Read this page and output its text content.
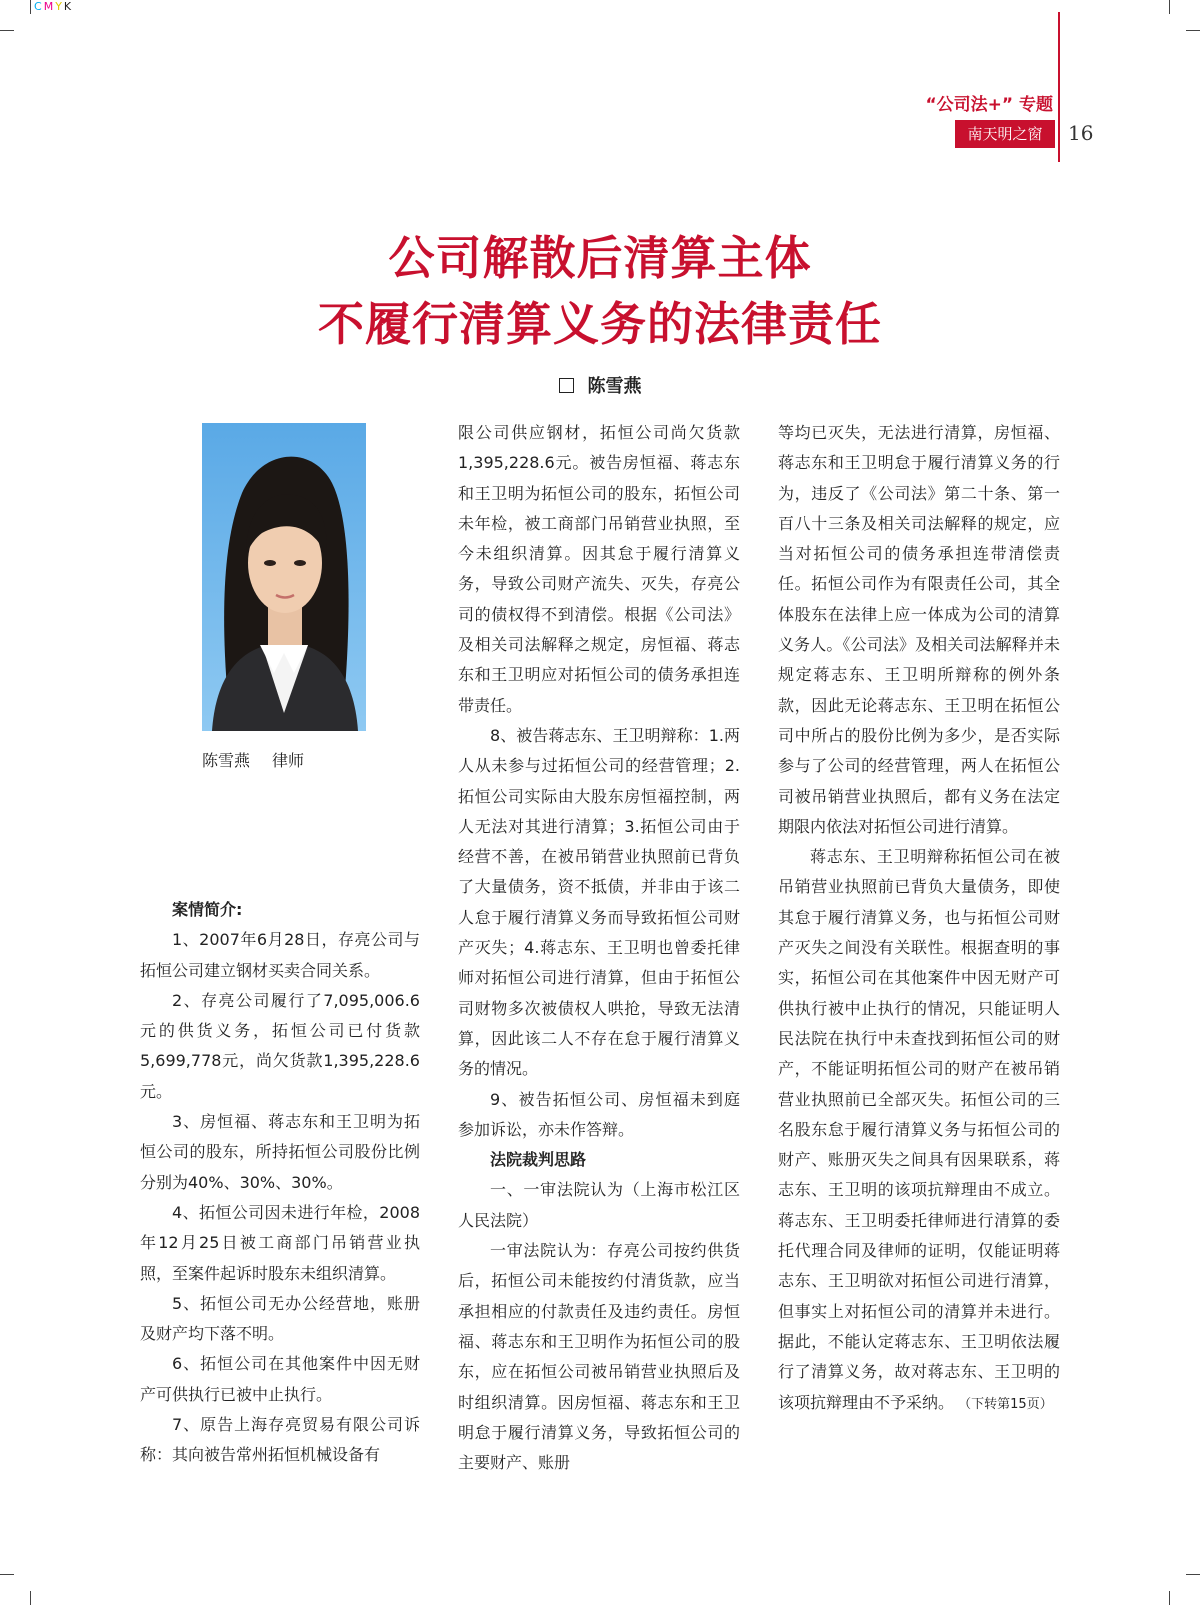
CMYK
“公司法+” 专题
南天明之窗	16
公司解散后清算主体
不履行清算义务的法律责任
陈雪燕
陈雪燕 律师

案情简介:

1、2007年6月28日，存亮公司与拓恒公司建立钢材买卖合同关系。

2、存亮公司履行了7,095,006.6元的供货义务，拓恒公司已付货款5,699,778元，尚欠货款1,395,228.6元。

3、房恒福、蒋志东和王卫明为拓恒公司的股东，所持拓恒公司股份比例分别为40%、30%、30%。

4、拓恒公司因未进行年检，2008年12月25日被工商部门吊销营业执照，至案件起诉时股东未组织清算。

5、拓恒公司无办公经营地，账册及财产均下落不明。

6、拓恒公司在其他案件中因无财产可供执行已被中止执行。

7、原告上海存亮贸易有限公司诉称：其向被告常州拓恒机械设备有

限公司供应钢材，拓恒公司尚欠货款1,395,228.6元。被告房恒福、蒋志东和王卫明为拓恒公司的股东，拓恒公司未年检，被工商部门吊销营业执照，至今未组织清算。因其怠于履行清算义务，导致公司财产流失、灭失，存亮公司的债权得不到清偿。根据《公司法》及相关司法解释之规定，房恒福、蒋志东和王卫明应对拓恒公司的债务承担连带责任。

8、被告蒋志东、王卫明辩称：1.两人从未参与过拓恒公司的经营管理；2.拓恒公司实际由大股东房恒福控制，两人无法对其进行清算；3.拓恒公司由于经营不善，在被吊销营业执照前已背负了大量债务，资不抵债，并非由于该二人怠于履行清算义务而导致拓恒公司财产灭失；4.蒋志东、王卫明也曾委托律师对拓恒公司进行清算，但由于拓恒公司财物多次被债权人哄抢，导致无法清算，因此该二人不存在怠于履行清算义务的情况。

9、被告拓恒公司、房恒福未到庭参加诉讼，亦未作答辩。

法院裁判思路

一、一审法院认为（上海市松江区人民法院）

一审法院认为：存亮公司按约供货后，拓恒公司未能按约付清货款，应当承担相应的付款责任及违约责任。房恒福、蒋志东和王卫明作为拓恒公司的股东，应在拓恒公司被吊销营业执照后及时组织清算。因房恒福、蒋志东和王卫明怠于履行清算义务，导致拓恒公司的主要财产、账册

等均已灭失，无法进行清算，房恒福、蒋志东和王卫明怠于履行清算义务的行为，违反了《公司法》第二十条、第一百八十三条及相关司法解释的规定，应当对拓恒公司的债务承担连带清偿责任。拓恒公司作为有限责任公司，其全体股东在法律上应一体成为公司的清算义务人。《公司法》及相关司法解释并未规定蒋志东、王卫明所辩称的例外条款，因此无论蒋志东、王卫明在拓恒公司中所占的股份比例为多少，是否实际参与了公司的经营管理，两人在拓恒公司被吊销营业执照后，都有义务在法定期限内依法对拓恒公司进行清算。

蒋志东、王卫明辩称拓恒公司在被吊销营业执照前已背负大量债务，即使其怠于履行清算义务，也与拓恒公司财产灭失之间没有关联性。根据查明的事实，拓恒公司在其他案件中因无财产可供执行被中止执行的情况，只能证明人民法院在执行中未查找到拓恒公司的财产，不能证明拓恒公司的财产在被吊销营业执照前已全部灭失。拓恒公司的三名股东怠于履行清算义务与拓恒公司的财产、账册灭失之间具有因果联系，蒋志东、王卫明的该项抗辩理由不成立。蒋志东、王卫明委托律师进行清算的委托代理合同及律师的证明，仅能证明蒋志东、王卫明欲对拓恒公司进行清算，但事实上对拓恒公司的清算并未进行。据此，不能认定蒋志东、王卫明依法履行了清算义务，故对蒋志东、王卫明的该项抗辩理由不予采纳。 （下转第15页）
